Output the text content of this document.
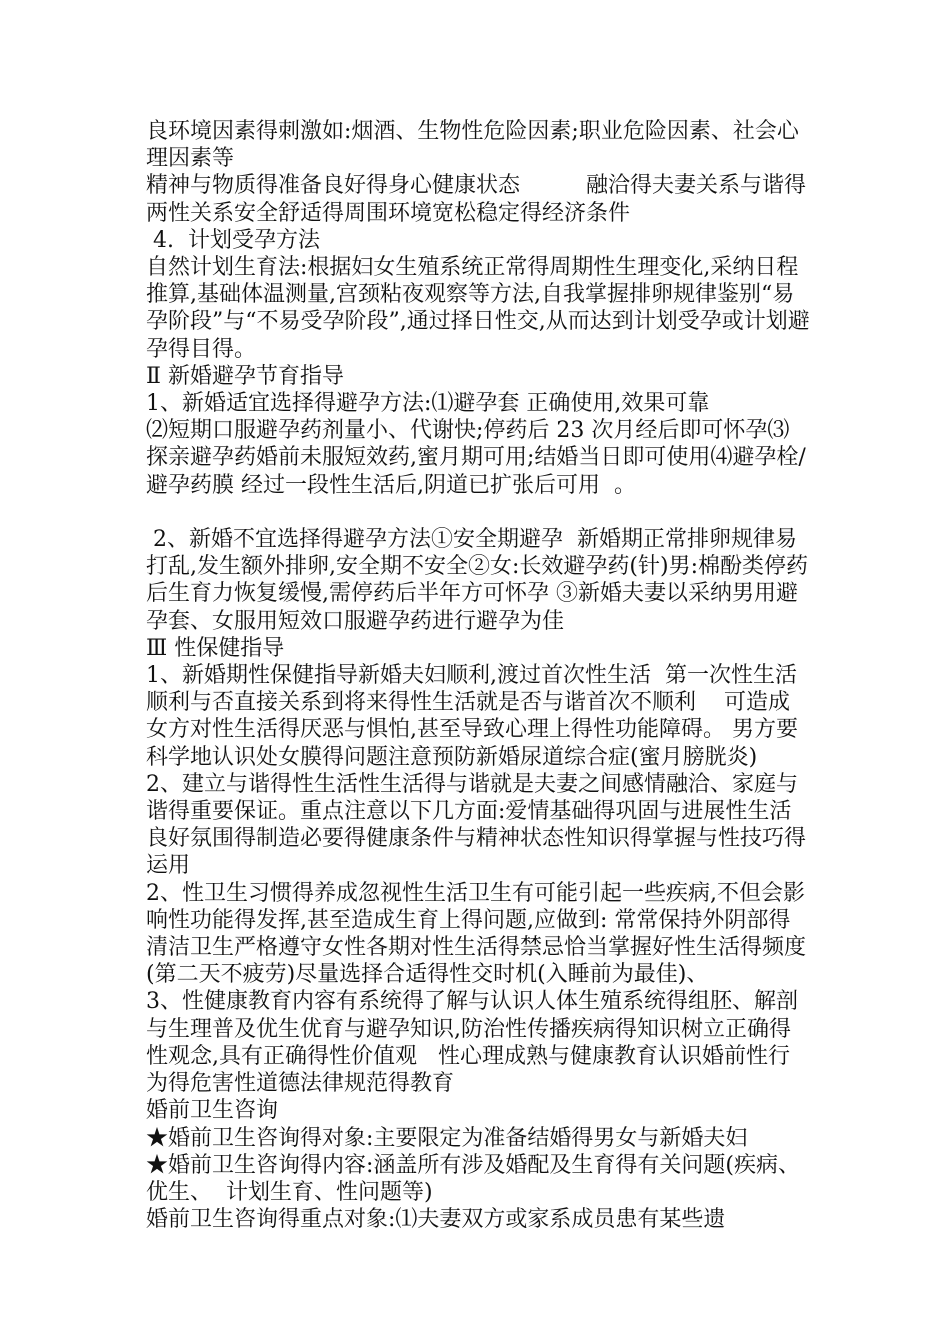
良环境因素得刺激如:烟酒、生物性危险因素;职业危险因素、社会心理因素等

精神与物质得准备良好得身心健康状态　　　融洽得夫妻关系与谐得两性关系安全舒适得周围环境宽松稳定得经济条件

4.  计划受孕方法

自然计划生育法:根据妇女生殖系统正常得周期性生理变化,采纳日程推算,基础体温测量,宫颈粘夜观察等方法,自我掌握排卵规律鉴别“易孕阶段”与“不易受孕阶段”,通过择日性交,从而达到计划受孕或计划避孕得目得。

Ⅱ 新婚避孕节育指导

1、新婚适宜选择得避孕方法:⑴避孕套 正确使用,效果可靠

⑵短期口服避孕药剂量小、代谢快;停药后 23 次月经后即可怀孕⑶探亲避孕药婚前未服短效药,蜜月期可用;结婚当日即可使用⑷避孕栓/避孕药膜 经过一段性生活后,阴道已扩张后可用  。

2、新婚不宜选择得避孕方法①安全期避孕  新婚期正常排卵规律易打乱,发生额外排卵,安全期不安全②女:长效避孕药(针)男:棉酚类停药后生育力恢复缓慢,需停药后半年方可怀孕 ③新婚夫妻以采纳男用避孕套、女服用短效口服避孕药进行避孕为佳

Ⅲ 性保健指导

1、新婚期性保健指导新婚夫妇顺利,渡过首次性生活  第一次性生活顺利与否直接关系到将来得性生活就是否与谐首次不顺利    可造成女方对性生活得厌恶与惧怕,甚至导致心理上得性功能障碍。 男方要科学地认识处女膜得问题注意预防新婚尿道综合症(蜜月膀胱炎)

2、建立与谐得性生活性生活得与谐就是夫妻之间感情融洽、家庭与谐得重要保证。重点注意以下几方面:爱情基础得巩固与进展性生活良好氛围得制造必要得健康条件与精神状态性知识得掌握与性技巧得运用

2、性卫生习惯得养成忽视性生活卫生有可能引起一些疾病,不但会影响性功能得发挥,甚至造成生育上得问题,应做到: 常常保持外阴部得清洁卫生严格遵守女性各期对性生活得禁忌恰当掌握好性生活得频度 (第二天不疲劳)尽量选择合适得性交时机(入睡前为最佳)、

3、性健康教育内容有系统得了解与认识人体生殖系统得组胚、解剖与生理普及优生优育与避孕知识,防治性传播疾病得知识树立正确得性观念,具有正确得性价值观   性心理成熟与健康教育认识婚前性行为得危害性道德法律规范得教育

婚前卫生咨询

★婚前卫生咨询得对象:主要限定为准备结婚得男女与新婚夫妇

★婚前卫生咨询得内容:涵盖所有涉及婚配及生育得有关问题(疾病、优生、  计划生育、性问题等)

婚前卫生咨询得重点对象:⑴夫妻双方或家系成员患有某些遗
